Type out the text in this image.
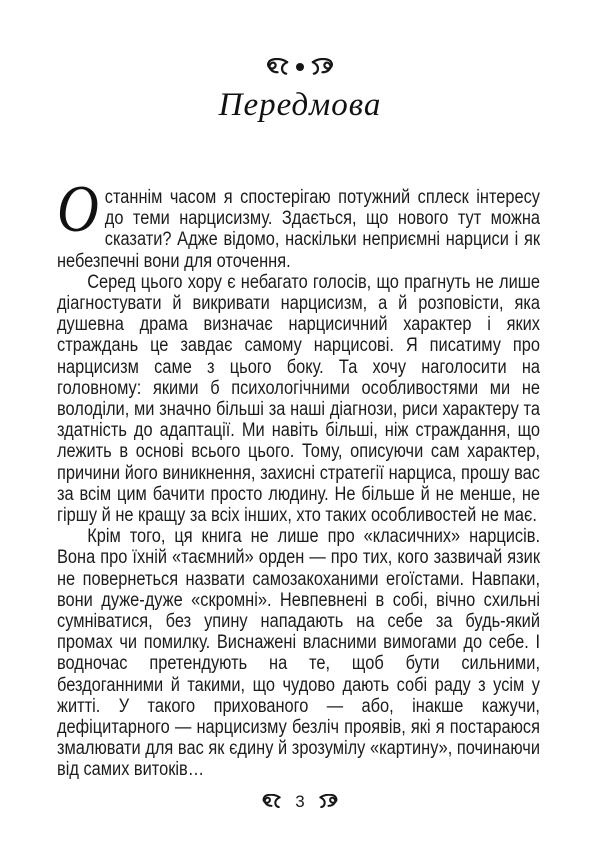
Передмова

Останнім часом я спостерігаю потужний сплеск інтересу до теми нарцисизму. Здається, що нового тут можна сказати? Адже відомо, наскільки неприємні нарциси і як небезпечні вони для оточення.

Серед цього хору є небагато голосів, що прагнуть не лише діагностувати й викривати нарцисизм, а й розповісти, яка душевна драма визначає нарцисичний характер і яких страждань це завдає самому нарцисові. Я писатиму про нарцисизм саме з цього боку. Та хочу наголосити на головному: якими б психологічними особливостями ми не володіли, ми значно більші за наші діагнози, риси характеру та здатність до адаптації. Ми навіть більші, ніж страждання, що лежить в основі всього цього. Тому, описуючи сам характер, причини його виникнення, захисні стратегії нарциса, прошу вас за всім цим бачити просто людину. Не більше й не менше, не гіршу й не кращу за всіх інших, хто таких особливостей не має.

Крім того, ця книга не лише про «класичних» нарцисів. Вона про їхній «таємний» орден — про тих, кого зазвичай язик не повернеться назвати самозакоханими егоїстами. Навпаки, вони дуже-дуже «скромні». Невпевнені в собі, вічно схильні сумніватися, без упину нападають на себе за будь-який промах чи помилку. Виснажені власними вимогами до себе. І водночас претендують на те, щоб бути сильними, бездоганними й такими, що чудово дають собі раду з усім у житті. У такого прихованого — або, інакше кажучи, дефіцитарного — нарцисизму безліч проявів, які я постараюся змалювати для вас як єдину й зрозумілу «картину», починаючи від самих витоків…

3
